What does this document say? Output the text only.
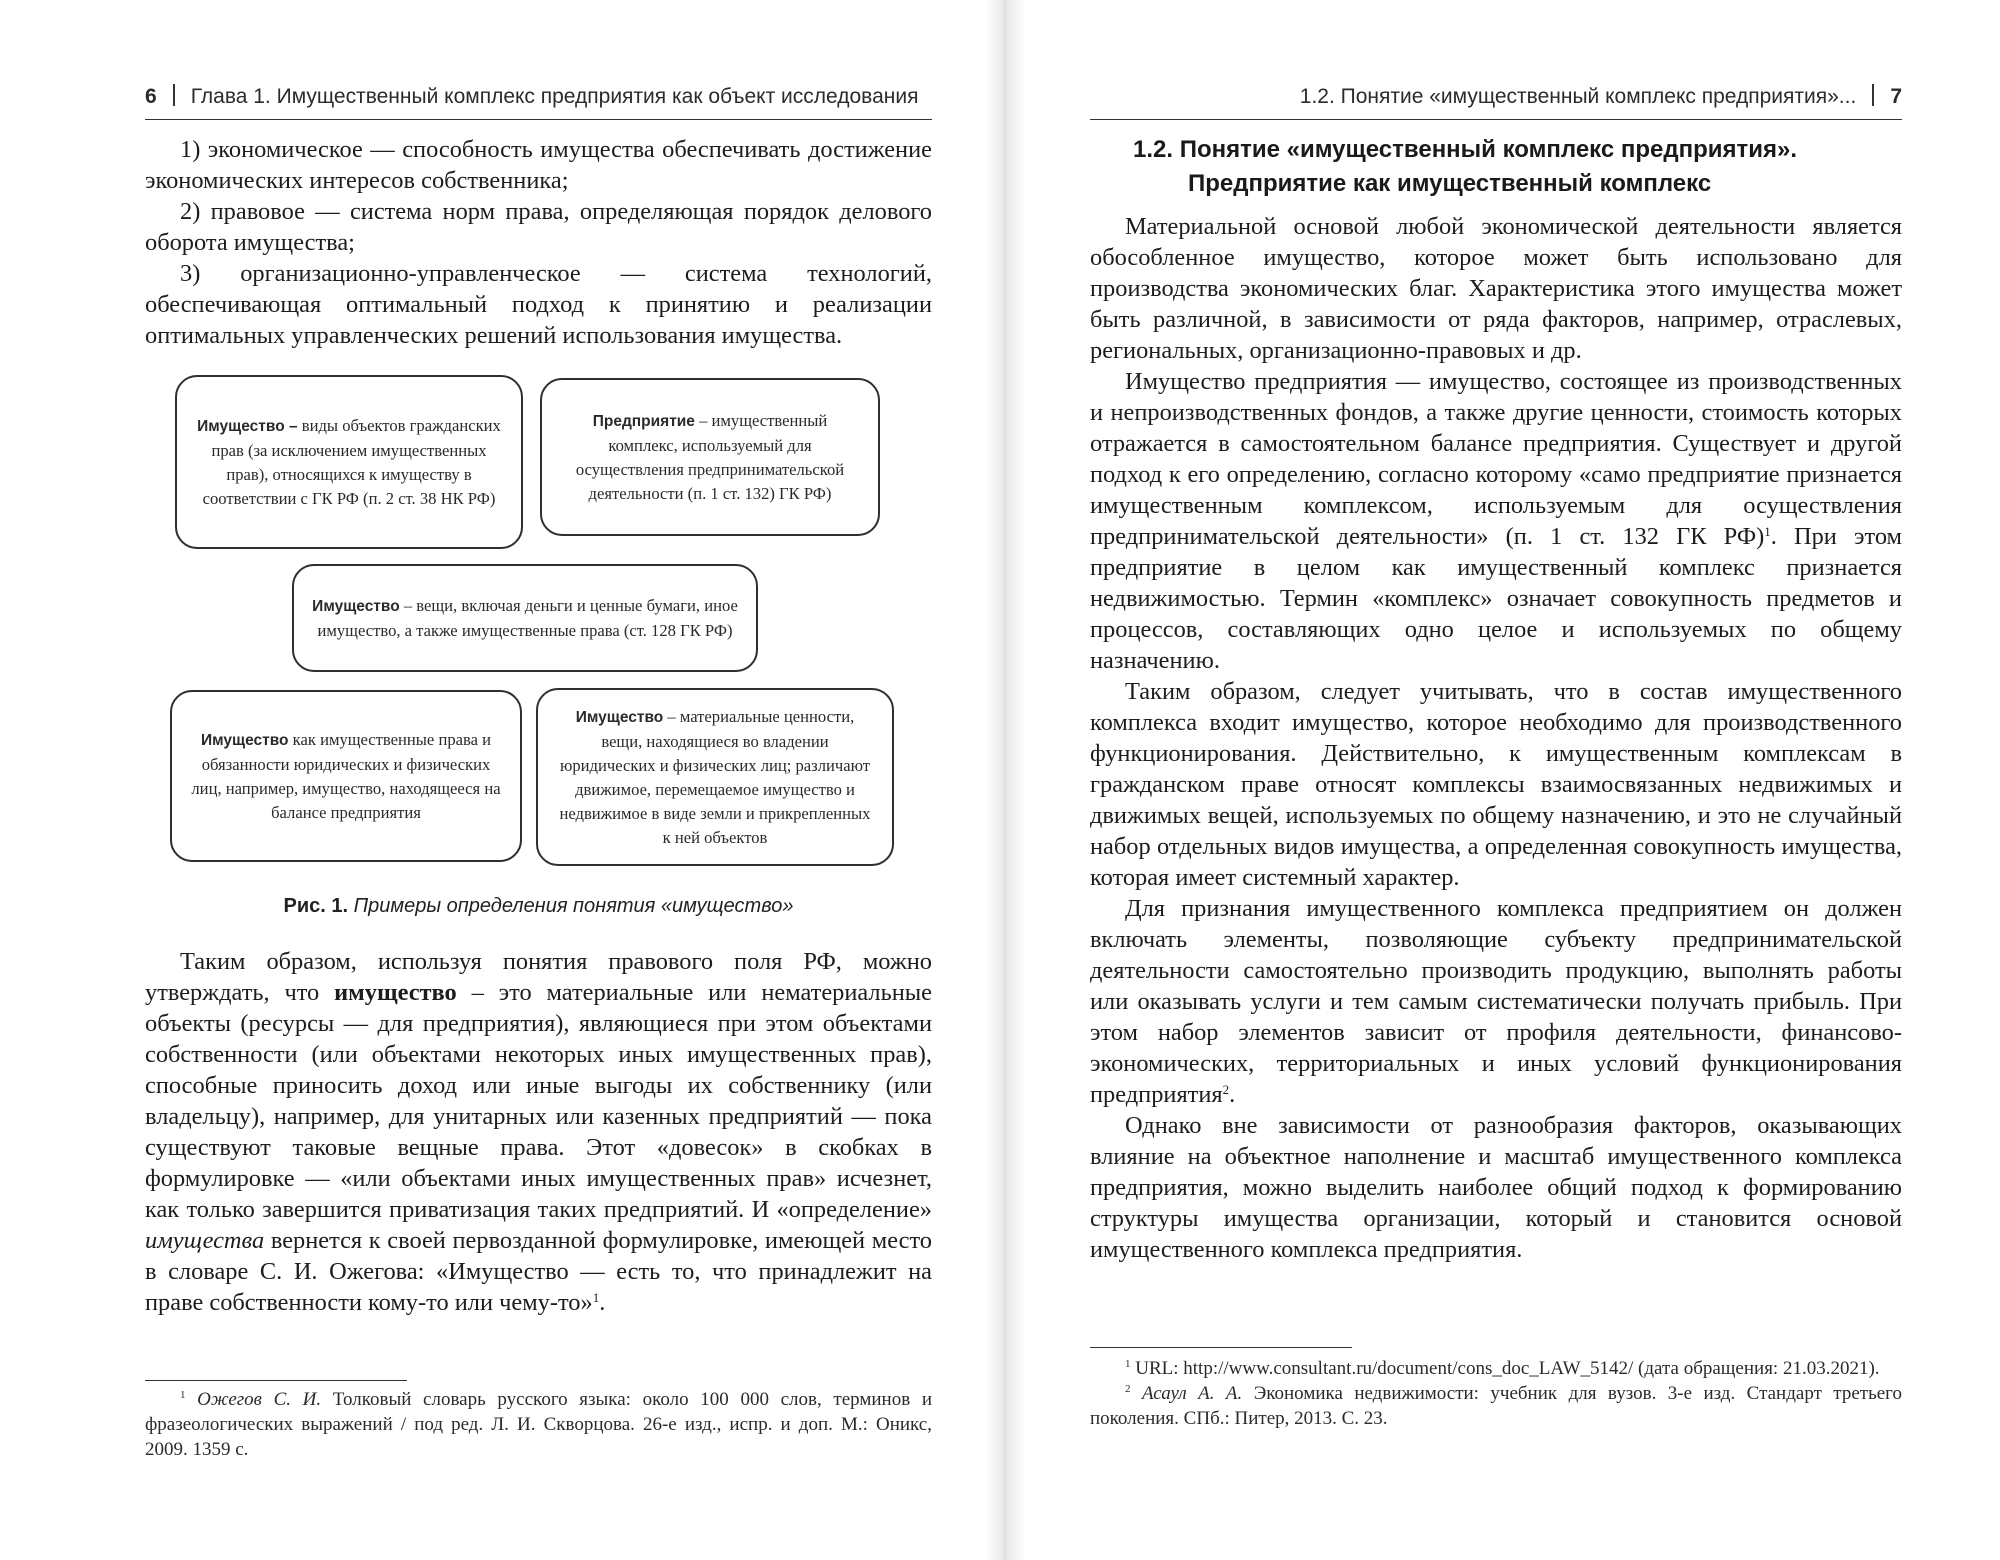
6 Глава 1. Имущественный комплекс предприятия как объект исследования

1) экономическое — способность имущества обеспечивать достижение экономических интересов собственника;

2) правовое — система норм права, определяющая порядок делового оборота имущества;

3) организационно-управленческое — система технологий, обеспечивающая оптимальный подход к принятию и реализации оптимальных управленческих решений использования имущества.

Имущество – виды объектов гражданских прав (за исключением имущественных прав), относящихся к имуществу в соответствии с ГК РФ (п. 2 ст. 38 НК РФ)
Предприятие – имущественный комплекс, используемый для осуществления предпринимательской деятельности (п. 1 ст. 132) ГК РФ)
Имущество – вещи, включая деньги и ценные бумаги, иное имущество, а также имущественные права (ст. 128 ГК РФ)
Имущество как имущественные права и обязанности юридических и физических лиц, например, имущество, находящееся на балансе предприятия
Имущество – материальные ценности, вещи, находящиеся во владении юридических и физических лиц; различают движимое, перемещаемое имущество и недвижимое в виде земли и прикрепленных к ней объектов
Рис. 1. Примеры определения понятия «имущество»

Таким образом, используя понятия правового поля РФ, можно утверждать, что имущество – это материальные или нематериальные объекты (ресурсы — для предприятия), являющиеся при этом объектами собственности (или объектами некоторых иных имущественных прав), способные приносить доход или иные выгоды их собственнику (или владельцу), например, для унитарных или казенных предприятий — пока существуют таковые вещные права. Этот «довесок» в скобках в формулировке — «или объектами иных имущественных прав» исчезнет, как только завершится приватизация таких предприятий. И «определение» имущества вернется к своей первозданной формулировке, имеющей место в словаре С. И. Ожегова: «Имущество — есть то, что принадлежит на праве собственности кому-то или чему-то»$^1$.

$^1$ Ожегов С. И. Толковый словарь русского языка: около 100 000 слов, терминов и фразеологических выражений / под ред. Л. И. Скворцова. 26-е изд., испр. и доп. М.: Оникс, 2009. 1359 с.

1.2. Понятие «имущественный комплекс предприятия»... 7
1.2. Понятие «имущественный комплекс предприятия».
Предприятие как имущественный комплекс

Материальной основой любой экономической деятельности является обособленное имущество, которое может быть использовано для производства экономических благ. Характеристика этого имущества может быть различной, в зависимости от ряда факторов, например, отраслевых, региональных, организационно-правовых и др.

Имущество предприятия — имущество, состоящее из производственных и непроизводственных фондов, а также другие ценности, стоимость которых отражается в самостоятельном балансе предприятия. Существует и другой подход к его определению, согласно которому «само предприятие признается имущественным комплексом, используемым для осуществления предпринимательской деятельности» (п. 1 ст. 132 ГК РФ)$^1$. При этом предприятие в целом как имущественный комплекс признается недвижимостью. Термин «комплекс» означает совокупность предметов и процессов, составляющих одно целое и используемых по общему назначению.

Таким образом, следует учитывать, что в состав имущественного комплекса входит имущество, которое необходимо для производственного функционирования. Действительно, к имущественным комплексам в гражданском праве относят комплексы взаимосвязанных недвижимых и движимых вещей, используемых по общему назначению, и это не случайный набор отдельных видов имущества, а определенная совокупность имущества, которая имеет системный характер.

Для признания имущественного комплекса предприятием он должен включать элементы, позволяющие субъекту предпринимательской деятельности самостоятельно производить продукцию, выполнять работы или оказывать услуги и тем самым систематически получать прибыль. При этом набор элементов зависит от профиля деятельности, финансово-экономических, территориальных и иных условий функционирования предприятия$^2$.

Однако вне зависимости от разнообразия факторов, оказывающих влияние на объектное наполнение и масштаб имущественного комплекса предприятия, можно выделить наиболее общий подход к формированию структуры имущества организации, который и становится основой имущественного комплекса предприятия.

$^1$ URL: http://www.consultant.ru/document/cons_doc_LAW_5142/ (дата обращения: 21.03.2021).

$^2$ Асаул А. А. Экономика недвижимости: учебник для вузов. 3-е изд. Стандарт третьего поколения. СПб.: Питер, 2013. С. 23.
